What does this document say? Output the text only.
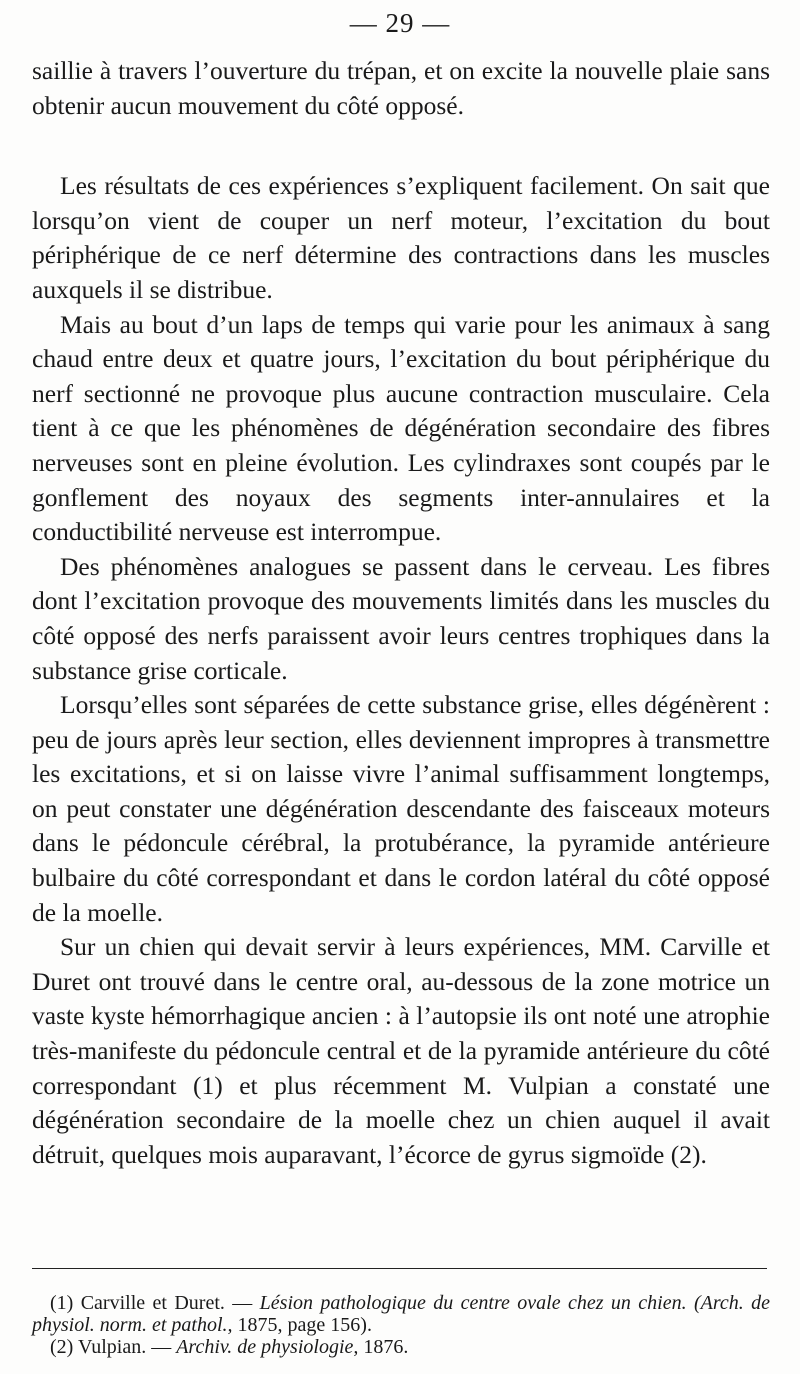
— 29 —

saillie à travers l’ouverture du trépan, et on excite la nouvelle plaie sans obtenir aucun mouvement du côté opposé.

Les résultats de ces expériences s’expliquent facilement. On sait que lorsqu’on vient de couper un nerf moteur, l’excitation du bout périphérique de ce nerf détermine des contractions dans les muscles auxquels il se distribue.

Mais au bout d’un laps de temps qui varie pour les animaux à sang chaud entre deux et quatre jours, l’excitation du bout périphérique du nerf sectionné ne provoque plus aucune contraction musculaire. Cela tient à ce que les phénomènes de dégénération secondaire des fibres nerveuses sont en pleine évolution. Les cylindraxes sont coupés par le gonflement des noyaux des segments inter-annulaires et la conductibilité nerveuse est interrompue.

Des phénomènes analogues se passent dans le cerveau. Les fibres dont l’excitation provoque des mouvements limités dans les muscles du côté opposé des nerfs paraissent avoir leurs centres trophiques dans la substance grise corticale.

Lorsqu’elles sont séparées de cette substance grise, elles dégénèrent : peu de jours après leur section, elles deviennent impropres à transmettre les excitations, et si on laisse vivre l’animal suffisamment longtemps, on peut constater une dégénération descendante des faisceaux moteurs dans le pédoncule cérébral, la protubérance, la pyramide antérieure bulbaire du côté correspondant et dans le cordon latéral du côté opposé de la moelle.

Sur un chien qui devait servir à leurs expériences, MM. Carville et Duret ont trouvé dans le centre oral, au-dessous de la zone motrice un vaste kyste hémorrhagique ancien : à l’autopsie ils ont noté une atrophie très-manifeste du pédoncule central et de la pyramide antérieure du côté correspondant (1) et plus récemment M. Vulpian a constaté une dégénération secondaire de la moelle chez un chien auquel il avait détruit, quelques mois auparavant, l’écorce de gyrus sigmoïde (2).

(1) Carville et Duret. — Lésion pathologique du centre ovale chez un chien. (Arch. de physiol. norm. et pathol., 1875, page 156).

(2) Vulpian. — Archiv. de physiologie, 1876.
